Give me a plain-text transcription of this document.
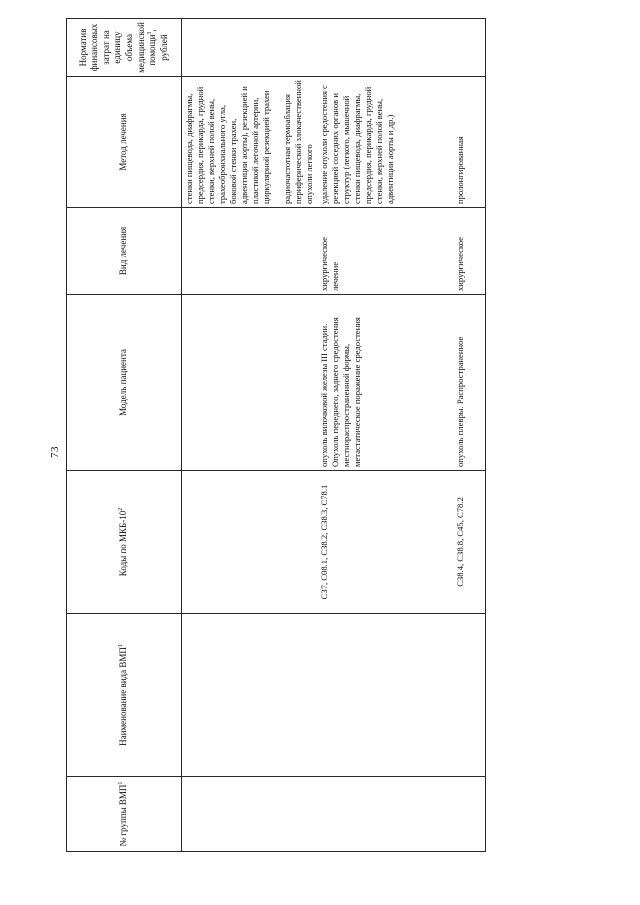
73
№ группы ВМП$^1$	Наименование вида ВМП$^1$	Коды по МКБ-$10^2$	Модель пациента	Вид лечения	Метод лечения	Норматив финансовых затрат на единицу объема медицинской помощи$^3$, рублей

					стенки пищевода, диафрагмы, предсердия, перикарда, грудной стенки, верхней полой вены, трахеобронхиального угла, боковой стенки трахеи, адвентиции аорты), резекцией и пластикой легочной артерии, циркулярной резекцией трахеи радиочастотная термоаблация периферической злокачественной опухоли легкого	

		C37, C08.1, C38.2, C38.3, C78.1	опухоль вилочковой железы III стадии. Опухоль переднего, заднего средостения местнораспространенной формы, метастатическое поражение средостения	хирургическое лечение	удаление опухоли средостения с резекцией соседних органов и структур (легкого, мышечной стенки пищевода, диафрагмы, предсердия, перикарда, грудной стенки, верхней полой вены, адвентиции аорты и др.)	
		C38.4, C38.8, C45, C78.2	опухоль плевры. Распространенное	хирургическое	пролонгированная	
